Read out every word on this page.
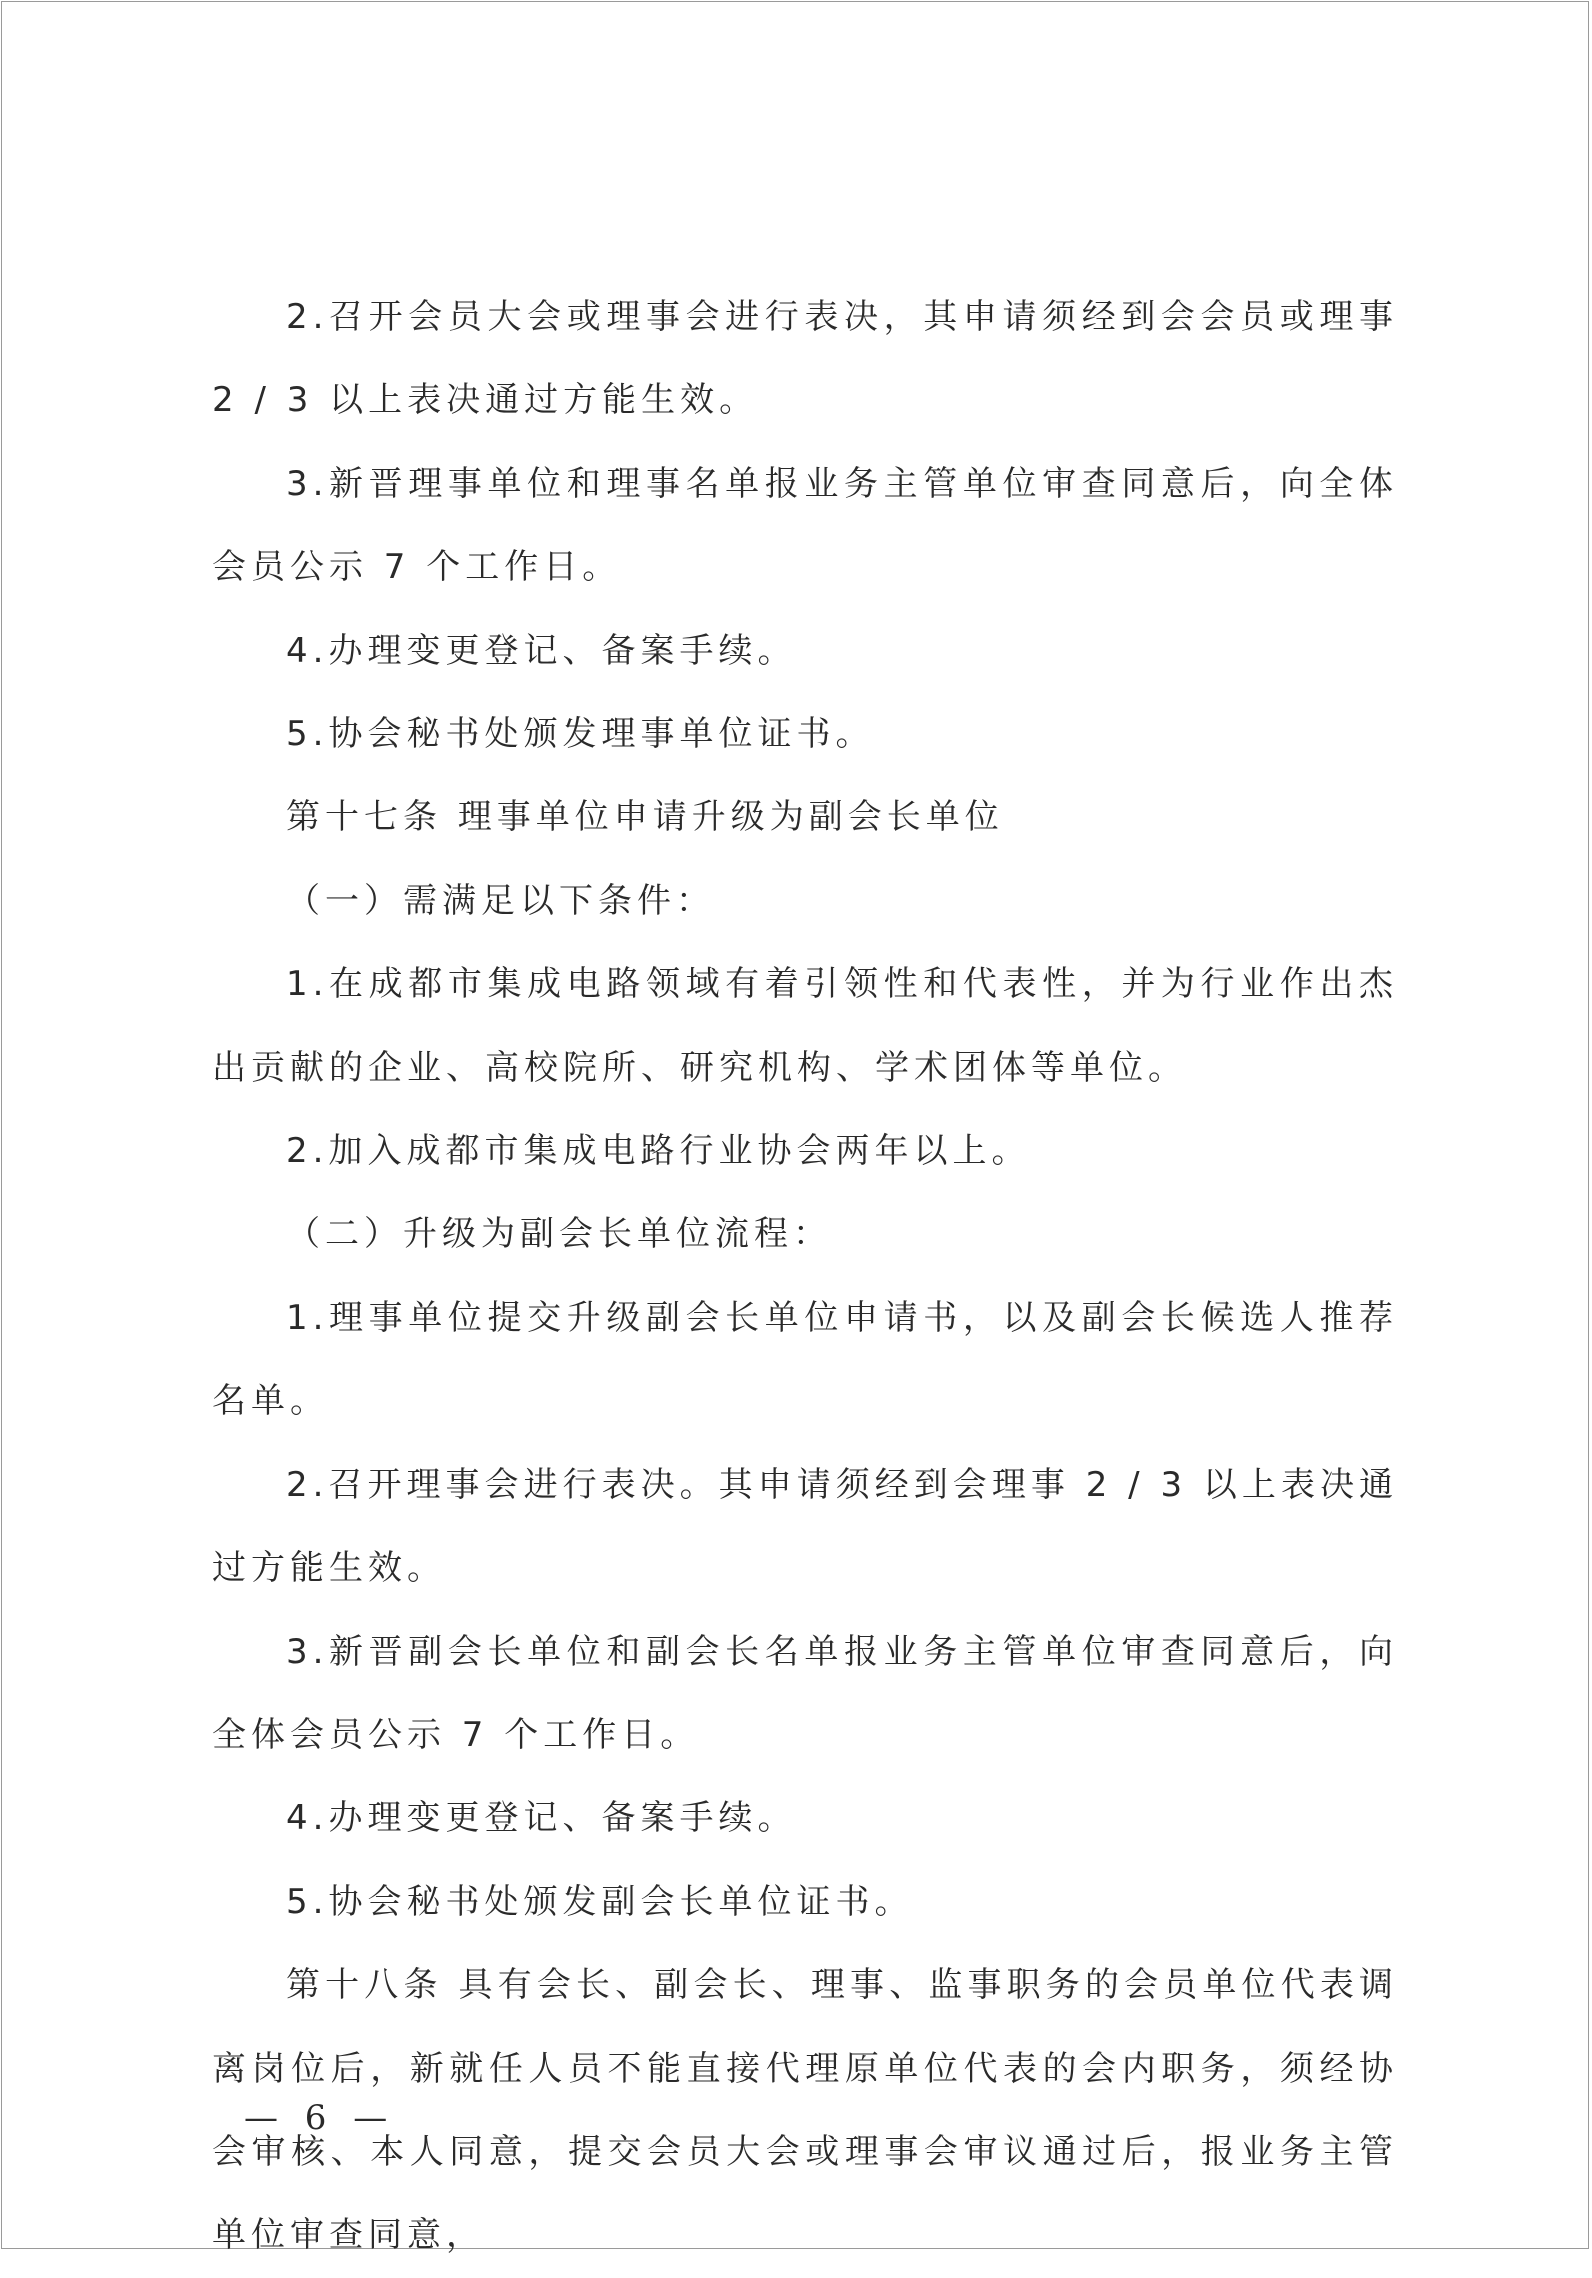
2.召开会员大会或理事会进行表决，其申请须经到会会员或理事 2 / 3 以上表决通过方能生效。

3.新晋理事单位和理事名单报业务主管单位审查同意后，向全体会员公示 7 个工作日。

4.办理变更登记、备案手续。

5.协会秘书处颁发理事单位证书。

第十七条 理事单位申请升级为副会长单位

（一）需满足以下条件：

1.在成都市集成电路领域有着引领性和代表性，并为行业作出杰出贡献的企业、高校院所、研究机构、学术团体等单位。

2.加入成都市集成电路行业协会两年以上。

（二）升级为副会长单位流程：

1.理事单位提交升级副会长单位申请书，以及副会长候选人推荐名单。

2.召开理事会进行表决。其申请须经到会理事 2 / 3 以上表决通过方能生效。

3.新晋副会长单位和副会长名单报业务主管单位审查同意后，向全体会员公示 7 个工作日。

4.办理变更登记、备案手续。

5.协会秘书处颁发副会长单位证书。

第十八条 具有会长、副会长、理事、监事职务的会员单位代表调离岗位后，新就任人员不能直接代理原单位代表的会内职务，须经协会审核、本人同意，提交会员大会或理事会审议通过后，报业务主管单位审查同意，

— 6 —
